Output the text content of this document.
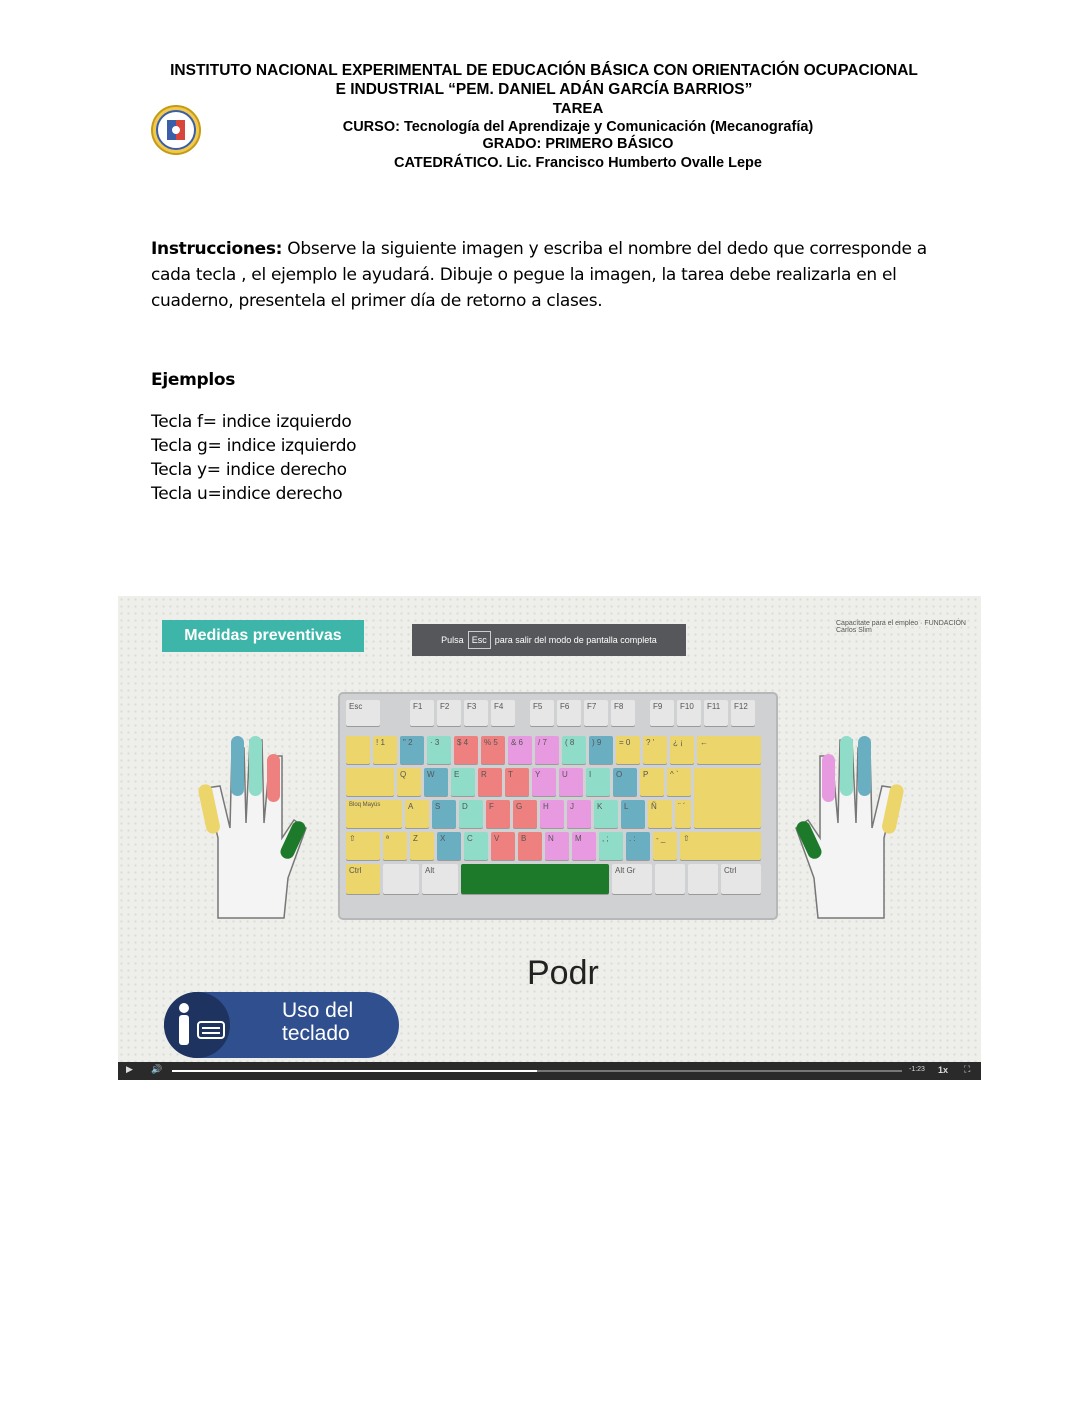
INSTITUTO NACIONAL EXPERIMENTAL DE EDUCACIÓN BÁSICA CON ORIENTACIÓN OCUPACIONAL
E INDUSTRIAL “PEM. DANIEL ADÁN GARCÍA BARRIOS”
TAREA
CURSO: Tecnología del Aprendizaje y Comunicación (Mecanografía)
GRADO: PRIMERO BÁSICO
CATEDRÁTICO. Lic. Francisco Humberto Ovalle Lepe
Instrucciones: Observe la siguiente imagen y escriba el nombre del dedo que corresponde a cada tecla , el ejemplo le ayudará. Dibuje o pegue la imagen, la tarea debe realizarla en el cuaderno, presentela el primer día de retorno a clases.
Ejemplos
Tecla f= indice izquierdo
Tecla g= indice izquierdo
Tecla y= indice derecho
Tecla u=indice derecho
Medidas preventivas	Pulsa Esc para salir del modo de pantalla completa
Capacítate para el empleo · FUNDACIÓN Carlos Slim
Esc	F1	F2	F3	F4	F5	F6	F7	F8	F9	F10	F11	F12
! 1	" 2	· 3	$ 4	% 5	& 6	/ 7	( 8	) 9	= 0	? '	¿ ¡	←
Q	W	E	R	T	Y	U	I	O	P	^ `
Bloq Mayús	A	S	D	F	G	H	J	K	L	Ñ	¨ ´
⇧	ª	Z	X	C	V	B	N	M	, ;	. :	- _	⇧
Ctrl	Alt	Alt Gr	Ctrl
Podr
Uso del
teclado
▶ 🔊	-1:23 1x ⛶
